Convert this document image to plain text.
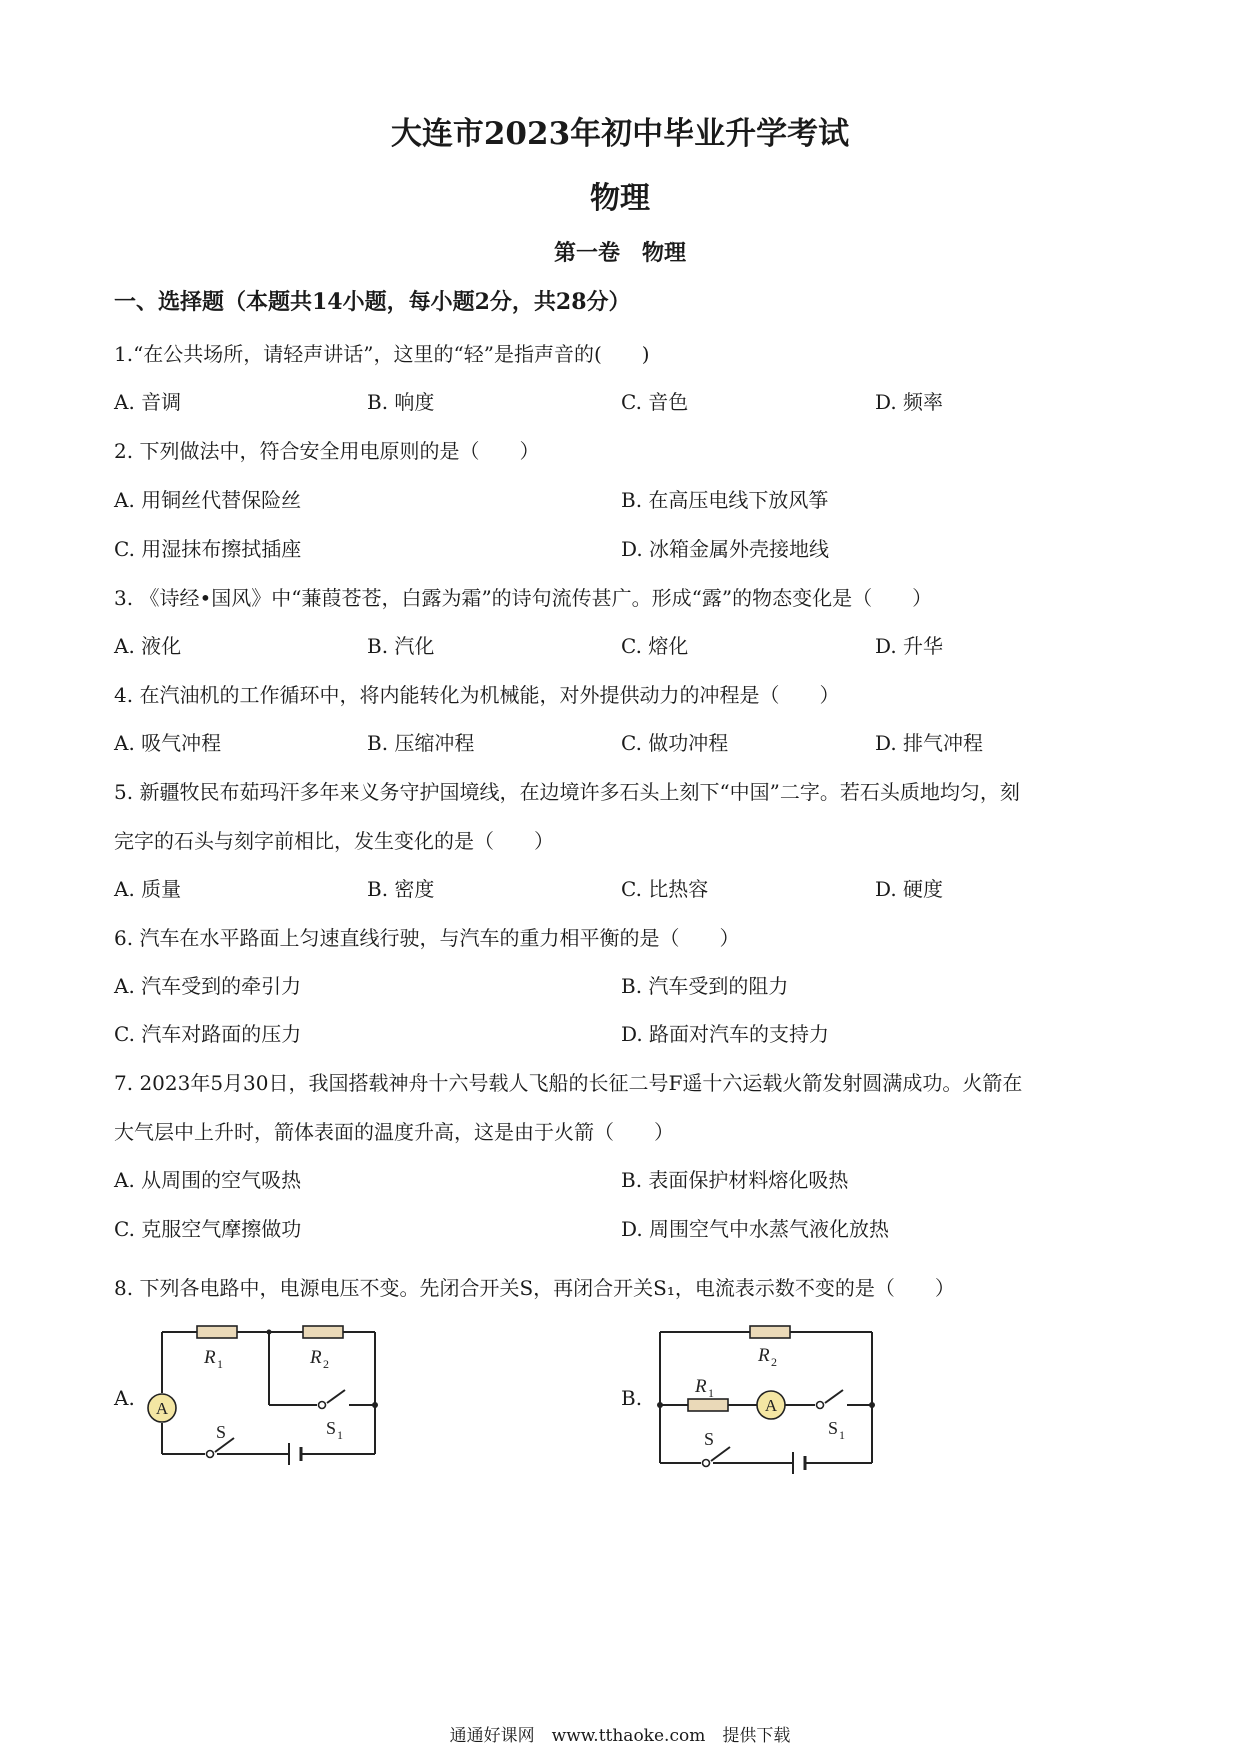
大连市2023年初中毕业升学考试
物理
第一卷　物理
一、选择题（本题共14小题，每小题2分，共28分）
1.“在公共场所，请轻声讲话”，这里的“轻”是指声音的(　　)
A. 音调	B. 响度	C. 音色	D. 频率
2. 下列做法中，符合安全用电原则的是（　　）
A. 用铜丝代替保险丝	B. 在高压电线下放风筝
C. 用湿抹布擦拭插座	D. 冰箱金属外壳接地线
3. 《诗经•国风》中“蒹葭苍苍，白露为霜”的诗句流传甚广。形成“露”的物态变化是（　　）
A. 液化	B. 汽化	C. 熔化	D. 升华
4. 在汽油机的工作循环中，将内能转化为机械能，对外提供动力的冲程是（　　）
A. 吸气冲程	B. 压缩冲程	C. 做功冲程	D. 排气冲程
5. 新疆牧民布茹玛汗多年来义务守护国境线，在边境许多石头上刻下“中国”二字。若石头质地均匀，刻
完字的石头与刻字前相比，发生变化的是（　　）
A. 质量	B. 密度	C. 比热容	D. 硬度
6. 汽车在水平路面上匀速直线行驶，与汽车的重力相平衡的是（　　）
A. 汽车受到的牵引力	B. 汽车受到的阻力
C. 汽车对路面的压力	D. 路面对汽车的支持力
7. 2023年5月30日，我国搭载神舟十六号载人飞船的长征二号F遥十六运载火箭发射圆满成功。火箭在
大气层中上升时，箭体表面的温度升高，这是由于火箭（　　）
A. 从周围的空气吸热	B. 表面保护材料熔化吸热
C. 克服空气摩擦做功	D. 周围空气中水蒸气液化放热
8. 下列各电路中，电源电压不变。先闭合开关S，再闭合开关S₁，电流表示数不变的是（　　）
A.	B.
A
R 1	R 2
S	S 1
A
R 2
R 1
S
S 1
通通好课网　www.tthaoke.com　提供下载
